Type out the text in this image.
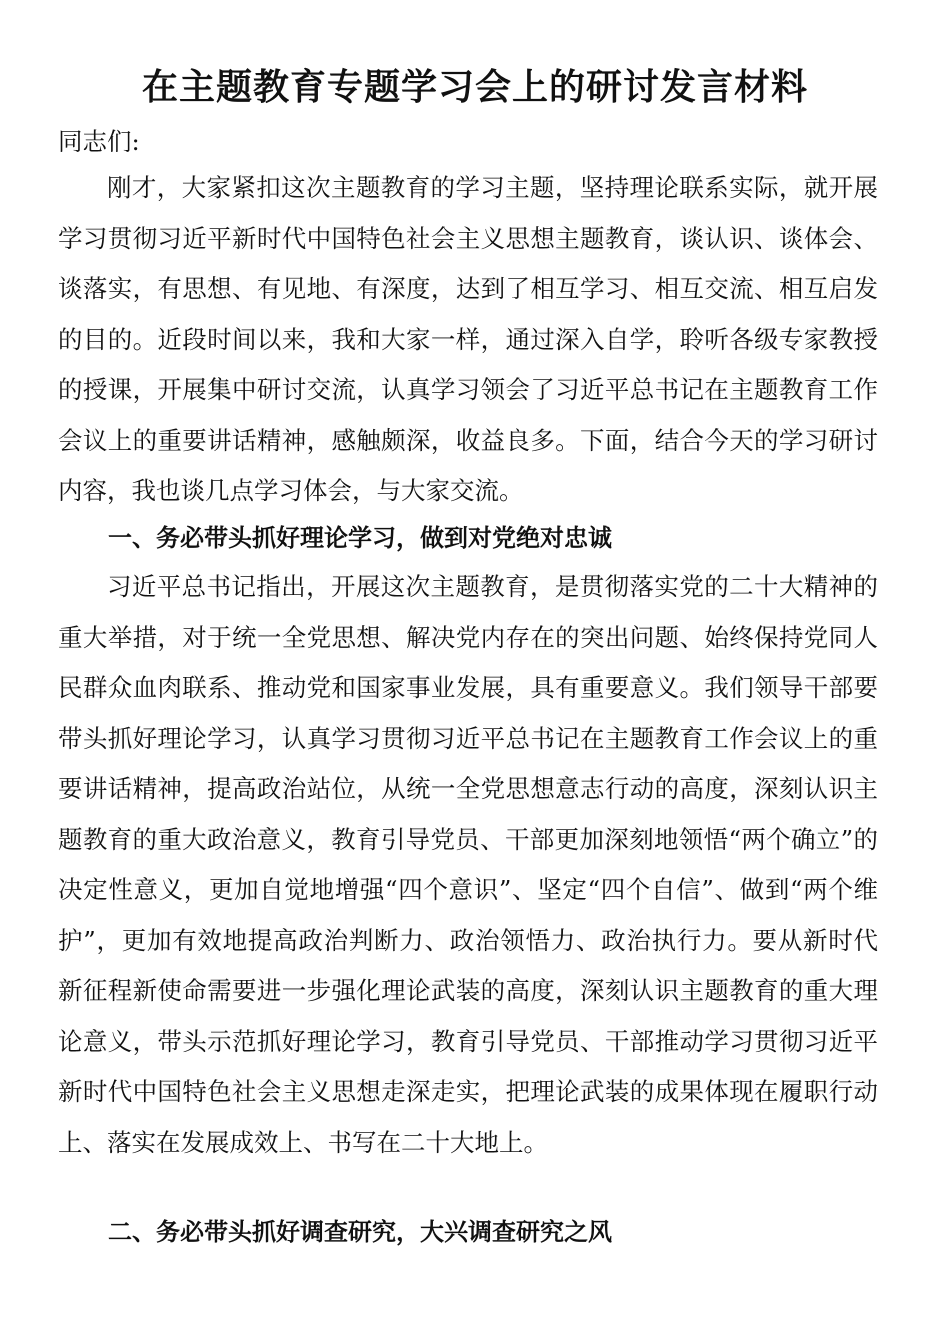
在主题教育专题学习会上的研讨发言材料

同志们:

刚才，大家紧扣这次主题教育的学习主题，坚持理论联系实际，就开展学习贯彻习近平新时代中国特色社会主义思想主题教育，谈认识、谈体会、谈落实，有思想、有见地、有深度，达到了相互学习、相互交流、相互启发的目的。近段时间以来，我和大家一样，通过深入自学，聆听各级专家教授的授课，开展集中研讨交流，认真学习领会了习近平总书记在主题教育工作会议上的重要讲话精神，感触颇深，收益良多。下面，结合今天的学习研讨内容，我也谈几点学习体会，与大家交流。

一、务必带头抓好理论学习，做到对党绝对忠诚

习近平总书记指出，开展这次主题教育，是贯彻落实党的二十大精神的重大举措，对于统一全党思想、解决党内存在的突出问题、始终保持党同人民群众血肉联系、推动党和国家事业发展，具有重要意义。我们领导干部要带头抓好理论学习，认真学习贯彻习近平总书记在主题教育工作会议上的重要讲话精神，提高政治站位，从统一全党思想意志行动的高度，深刻认识主题教育的重大政治意义，教育引导党员、干部更加深刻地领悟“两个确立”的决定性意义，更加自觉地增强“四个意识”、坚定“四个自信”、做到“两个维护”，更加有效地提高政治判断力、政治领悟力、政治执行力。要从新时代新征程新使命需要进一步强化理论武装的高度，深刻认识主题教育的重大理论意义，带头示范抓好理论学习，教育引导党员、干部推动学习贯彻习近平新时代中国特色社会主义思想走深走实，把理论武装的成果体现在履职行动上、落实在发展成效上、书写在二十大地上。

二、务必带头抓好调查研究，大兴调查研究之风
